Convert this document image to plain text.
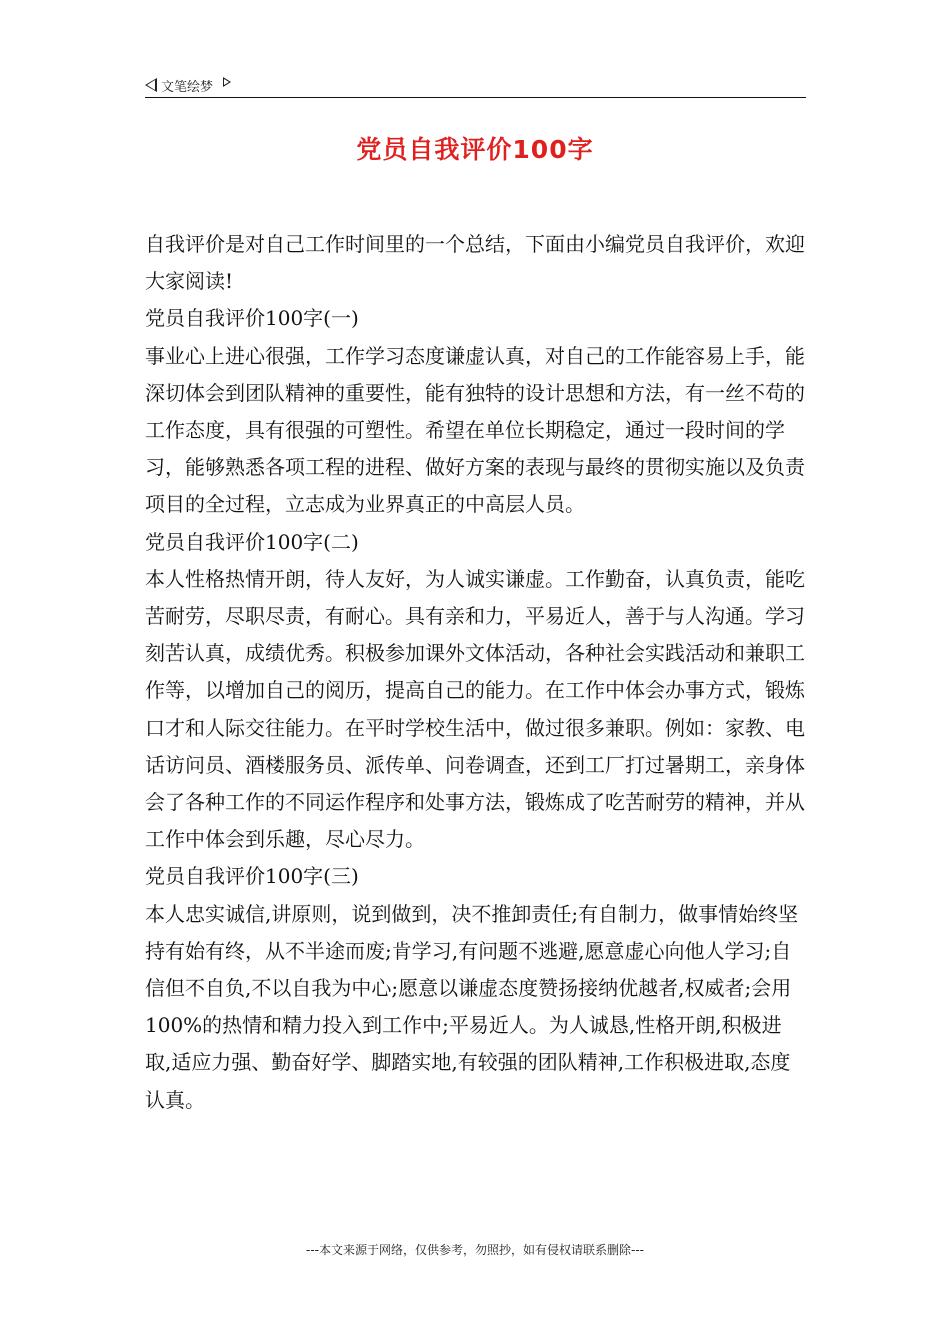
文笔绘梦
党员自我评价100字

自我评价是对自己工作时间里的一个总结，下面由小编党员自我评价，欢迎大家阅读!

党员自我评价100字(一)

事业心上进心很强，工作学习态度谦虚认真，对自己的工作能容易上手，能深切体会到团队精神的重要性，能有独特的设计思想和方法，有一丝不苟的工作态度，具有很强的可塑性。希望在单位长期稳定，通过一段时间的学习，能够熟悉各项工程的进程、做好方案的表现与最终的贯彻实施以及负责项目的全过程，立志成为业界真正的中高层人员。

党员自我评价100字(二)

本人性格热情开朗，待人友好，为人诚实谦虚。工作勤奋，认真负责，能吃苦耐劳，尽职尽责，有耐心。具有亲和力，平易近人，善于与人沟通。学习刻苦认真，成绩优秀。积极参加课外文体活动，各种社会实践活动和兼职工作等，以增加自己的阅历，提高自己的能力。在工作中体会办事方式，锻炼口才和人际交往能力。在平时学校生活中，做过很多兼职。例如：家教、电话访问员、酒楼服务员、派传单、问卷调查，还到工厂打过暑期工，亲身体会了各种工作的不同运作程序和处事方法，锻炼成了吃苦耐劳的精神，并从工作中体会到乐趣，尽心尽力。

党员自我评价100字(三)

本人忠实诚信,讲原则，说到做到，决不推卸责任;有自制力，做事情始终坚持有始有终，从不半途而废;肯学习,有问题不逃避,愿意虚心向他人学习;自信但不自负,不以自我为中心;愿意以谦虚态度赞扬接纳优越者,权威者;会用100%的热情和精力投入到工作中;平易近人。为人诚恳,性格开朗,积极进取,适应力强、勤奋好学、脚踏实地,有较强的团队精神,工作积极进取,态度认真。

---本文来源于网络，仅供参考，勿照抄，如有侵权请联系删除---
